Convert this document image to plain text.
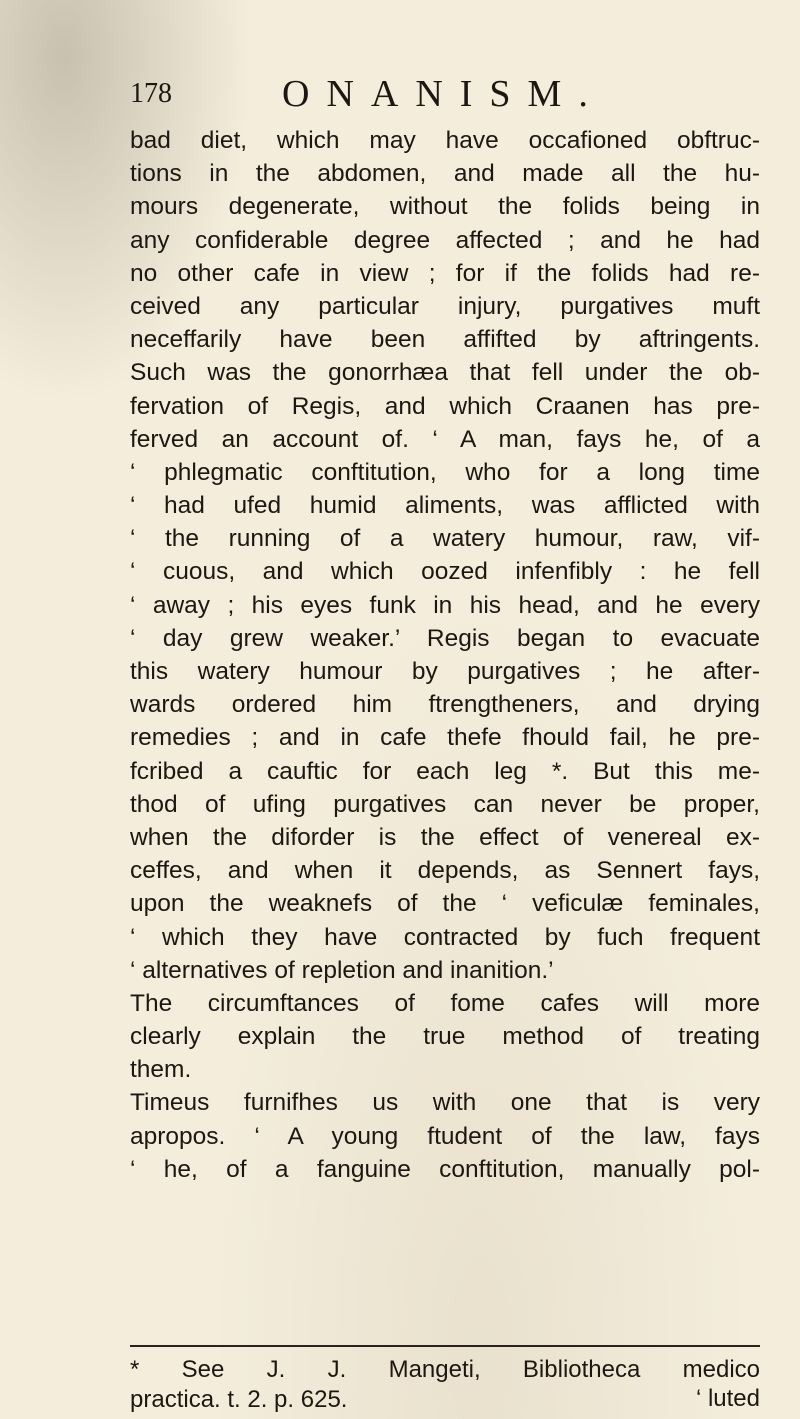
178	ONANISM.
bad diet, which may have occafioned obftruc-
tions in the abdomen, and made all the hu-
mours degenerate, without the folids being in
any confiderable degree affected ; and he had
no other cafe in view ; for if the folids had re-
ceived any particular injury, purgatives muft
neceffarily have been affifted by aftringents.
Such was the gonorrhæa that fell under the ob-
fervation of Regis, and which Craanen has pre-
ferved an account of. ‘ A man, fays he, of a
‘ phlegmatic conftitution, who for a long time
‘ had ufed humid aliments, was afflicted with
‘ the running of a watery humour, raw, vif-
‘ cuous, and which oozed infenfibly : he fell
‘ away ; his eyes funk in his head, and he every
‘ day grew weaker.’ Regis began to evacuate
this watery humour by purgatives ; he after-
wards ordered him ftrengtheners, and drying
remedies ; and in cafe thefe fhould fail, he pre-
fcribed a cauftic for each leg *. But this me-
thod of ufing purgatives can never be proper,
when the diforder is the effect of venereal ex-
ceffes, and when it depends, as Sennert fays,
upon the weaknefs of the ‘ veficulæ feminales,
‘ which they have contracted by fuch frequent
‘ alternatives of repletion and inanition.’
The circumftances of fome cafes will more
clearly explain the true method of treating
them.
Timeus furnifhes us with one that is very
apropos. ‘ A young ftudent of the law, fays
‘ he, of a fanguine conftitution, manually pol-
* See J. J. Mangeti, Bibliotheca medico
practica. t. 2. p. 625.	‘ luted
